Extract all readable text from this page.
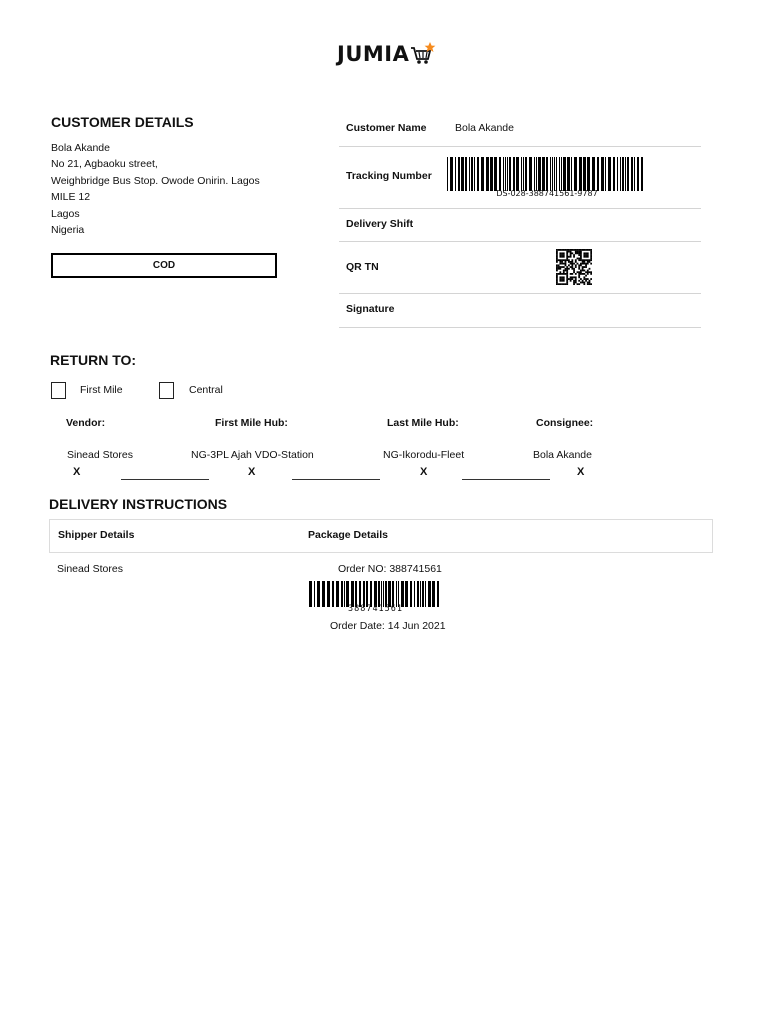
JUMIA
CUSTOMER DETAILS
Bola Akande
No 21, Agbaoku street,
Weighbridge Bus Stop. Owode Onirin. Lagos
MILE 12
Lagos
Nigeria
COD
Customer Name	Bola Akande
Tracking Number
DS-028-388741561-9787
Delivery Shift
QR TN
Signature
RETURN TO:
First Mile	Central
Vendor:	First Mile Hub:	Last Mile Hub:	Consignee:
Sinead Stores	NG-3PL Ajah VDO-Station	NG-Ikorodu-Fleet	Bola Akande
X	X	X	X
DELIVERY INSTRUCTIONS
Shipper Details	Package Details
Sinead Stores	Order NO: 388741561
388741561
Order Date: 14 Jun 2021
